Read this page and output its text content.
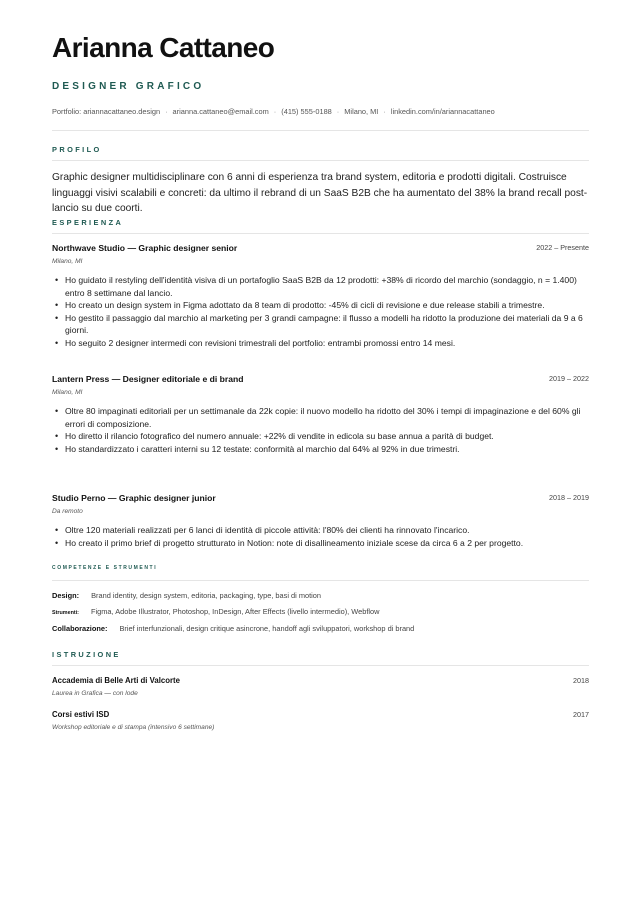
Arianna Cattaneo
DESIGNER GRAFICO
Portfolio: ariannacattaneo.design · arianna.cattaneo@email.com · (415) 555-0188 · Milano, MI · linkedin.com/in/ariannacattaneo
PROFILO
Graphic designer multidisciplinare con 6 anni di esperienza tra brand system, editoria e prodotti digitali. Costruisce linguaggi visivi scalabili e concreti: da ultimo il rebrand di un SaaS B2B che ha aumentato del 38% la brand recall post-lancio su due coorti.
ESPERIENZA
Northwave Studio — Graphic designer senior	2022 – Presente
Milano, MI
• Ho guidato il restyling dell'identità visiva di un portafoglio SaaS B2B da 12 prodotti: +38% di ricordo del marchio (sondaggio, n = 1.400) entro 8 settimane dal lancio.
• Ho creato un design system in Figma adottato da 8 team di prodotto: -45% di cicli di revisione e due release stabili a trimestre.
• Ho gestito il passaggio dal marchio al marketing per 3 grandi campagne: il flusso a modelli ha ridotto la produzione dei materiali da 9 a 6 giorni.
• Ho seguito 2 designer intermedi con revisioni trimestrali del portfolio: entrambi promossi entro 14 mesi.
Lantern Press — Designer editoriale e di brand	2019 – 2022
Milano, MI
• Oltre 80 impaginati editoriali per un settimanale da 22k copie: il nuovo modello ha ridotto del 30% i tempi di impaginazione e del 60% gli errori di composizione.
• Ho diretto il rilancio fotografico del numero annuale: +22% di vendite in edicola su base annua a parità di budget.
• Ho standardizzato i caratteri interni su 12 testate: conformità al marchio dal 64% al 92% in due trimestri.
Studio Perno — Graphic designer junior	2018 – 2019
Da remoto
• Oltre 120 materiali realizzati per 6 lanci di identità di piccole attività: l'80% dei clienti ha rinnovato l'incarico.
• Ho creato il primo brief di progetto strutturato in Notion: note di disallineamento iniziale scese da circa 6 a 2 per progetto.
COMPETENZE E STRUMENTI
Design: Brand identity, design system, editoria, packaging, type, basi di motion
Strumenti: Figma, Adobe Illustrator, Photoshop, InDesign, After Effects (livello intermedio), Webflow
Collaborazione: Brief interfunzionali, design critique asincrone, handoff agli sviluppatori, workshop di brand
ISTRUZIONE
Accademia di Belle Arti di Valcorte	2018
Laurea in Grafica — con lode
Corsi estivi ISD	2017
Workshop editoriale e di stampa (intensivo 6 settimane)
